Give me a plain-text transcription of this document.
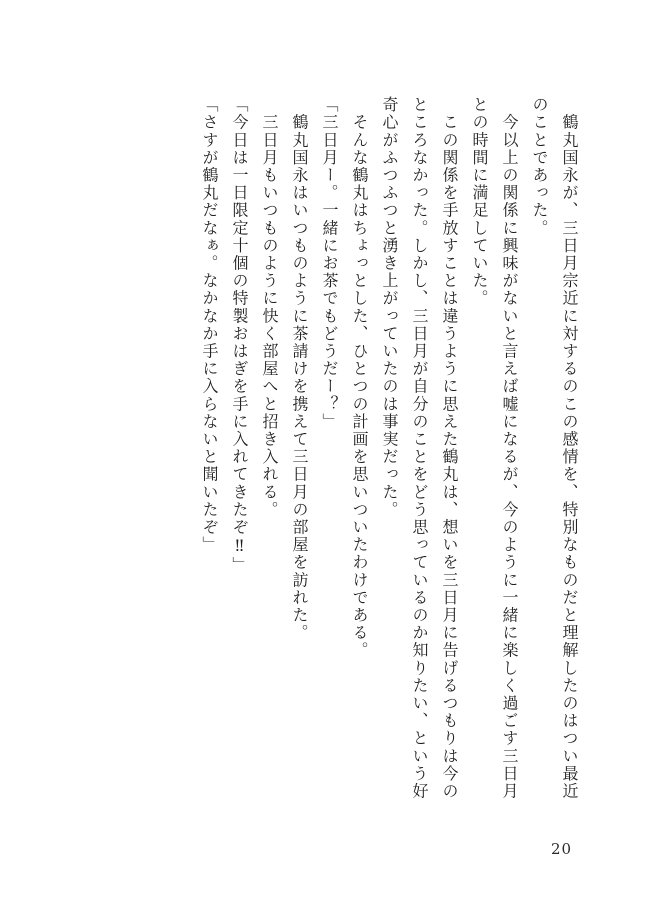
　鶴丸国永が、三日月宗近に対するのこの感情を、特別なものだと理解したのはつい最近のことであった。

　今以上の関係に興味がないと言えば嘘になるが、今のように一緒に楽しく過ごす三日月との時間に満足していた。

　この関係を手放すことは違うように思えた鶴丸は、想いを三日月に告げるつもりは今のところなかった。しかし、三日月が自分のことをどう思っているのか知りたい、という好奇心がふつふつと湧き上がっていたのは事実だった。

　そんな鶴丸はちょっとした、ひとつの計画を思いついたわけである。

「三日月ー。一緒にお茶でもどうだー？」

　鶴丸国永はいつものように茶請けを携えて三日月の部屋を訪れた。

　三日月もいつものように快く部屋へと招き入れる。

「今日は一日限定十個の特製おはぎを手に入れてきたぞ‼」

「さすが鶴丸だなぁ。なかなか手に入らないと聞いたぞ」

20
